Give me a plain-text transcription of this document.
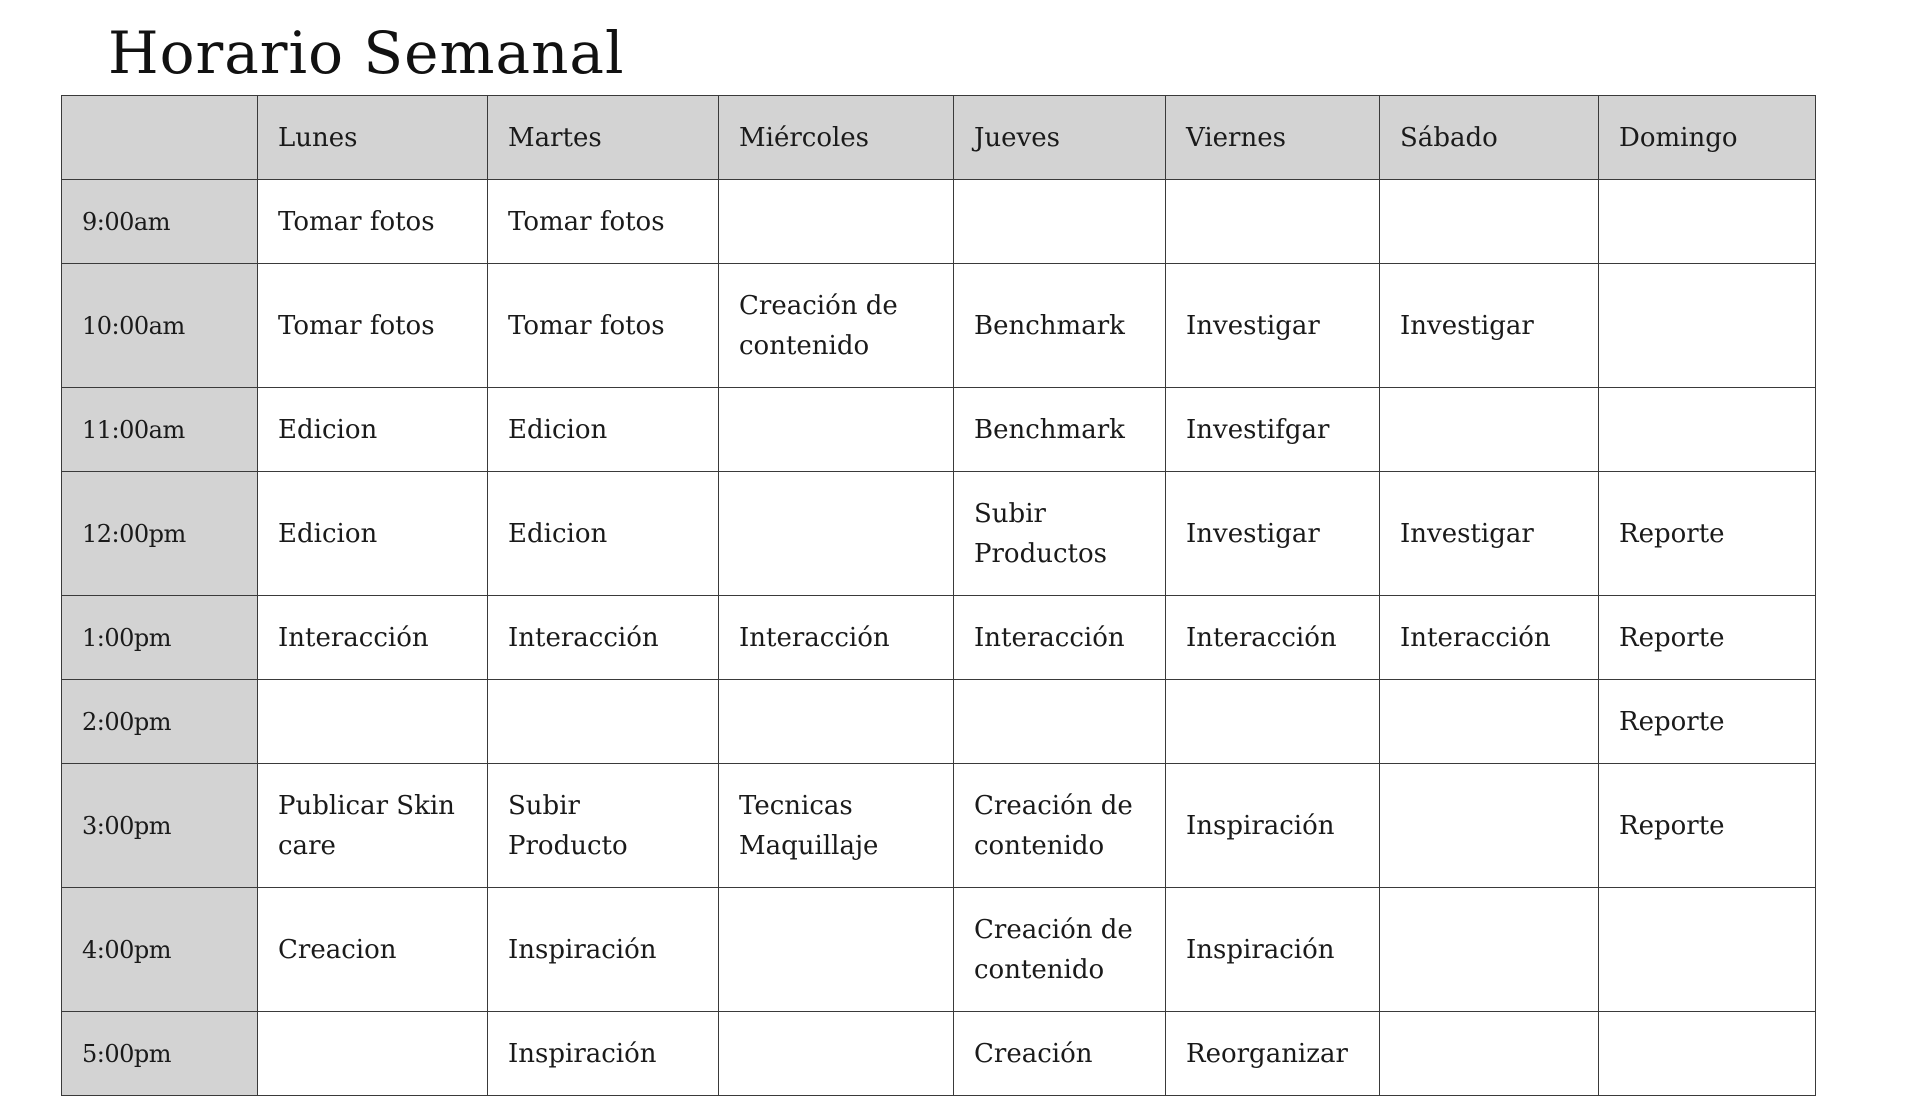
Horario Semanal
	Lunes	Martes	Miércoles	Jueves	Viernes	Sábado	Domingo
9:00am	Tomar fotos	Tomar fotos					
10:00am	Tomar fotos	Tomar fotos	Creación de contenido	Benchmark	Investigar	Investigar	
11:00am	Edicion	Edicion		Benchmark	Investifgar		
12:00pm	Edicion	Edicion		Subir Productos	Investigar	Investigar	Reporte
1:00pm	Interacción	Interacción	Interacción	Interacción	Interacción	Interacción	Reporte
2:00pm							Reporte
3:00pm	Publicar Skin care	Subir Producto	Tecnicas Maquillaje	Creación de contenido	Inspiración		Reporte
4:00pm	Creacion	Inspiración		Creación de contenido	Inspiración		
5:00pm		Inspiración		Creación	Reorganizar		
